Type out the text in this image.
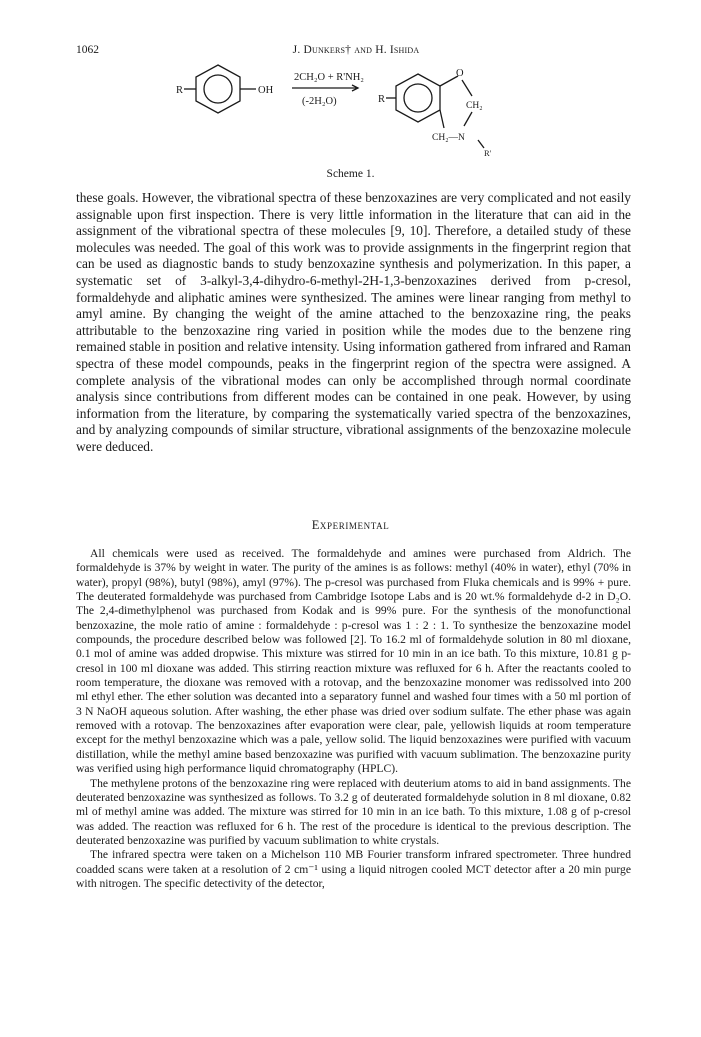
1062	J. Dunkers† and H. Ishida
R	OH
2CH₂O + R'NH₂
(-2H₂O)	R
O
CH₂
CH₂—N
R'
Scheme 1.

these goals. However, the vibrational spectra of these benzoxazines are very complicated and not easily assignable upon first inspection. There is very little information in the literature that can aid in the assignment of the vibrational spectra of these molecules [9, 10]. Therefore, a detailed study of these molecules was needed. The goal of this work was to provide assignments in the fingerprint region that can be used as diagnostic bands to study benzoxazine synthesis and polymerization. In this paper, a systematic set of 3-alkyl-3,4-dihydro-6-methyl-2H-1,3-benzoxazines derived from p-cresol, formaldehyde and aliphatic amines were synthesized. The amines were linear ranging from methyl to amyl amine. By changing the weight of the amine attached to the benzoxazine ring, the peaks attributable to the benzoxazine ring varied in position while the modes due to the benzene ring remained stable in position and relative intensity. Using information gathered from infrared and Raman spectra of these model compounds, peaks in the fingerprint region of the spectra were assigned. A complete analysis of the vibrational modes can only be accomplished through normal coordinate analysis since contributions from different modes can be contained in one peak. However, by using information from the literature, by comparing the systematically varied spectra of the benzoxazines, and by analyzing compounds of similar structure, vibrational assignments of the benzoxazine molecule were deduced.

Experimental

All chemicals were used as received. The formaldehyde and amines were purchased from Aldrich. The formaldehyde is 37% by weight in water. The purity of the amines is as follows: methyl (40% in water), ethyl (70% in water), propyl (98%), butyl (98%), amyl (97%). The p-cresol was purchased from Fluka chemicals and is 99% + pure. The deuterated formaldehyde was purchased from Cambridge Isotope Labs and is 20 wt.% formaldehyde d-2 in D₂O. The 2,4-dimethylphenol was purchased from Kodak and is 99% pure. For the synthesis of the monofunctional benzoxazine, the mole ratio of amine : formaldehyde : p-cresol was 1 : 2 : 1. To synthesize the benzoxazine model compounds, the procedure described below was followed [2]. To 16.2 ml of formaldehyde solution in 80 ml dioxane, 0.1 mol of amine was added dropwise. This mixture was stirred for 10 min in an ice bath. To this mixture, 10.81 g p-cresol in 100 ml dioxane was added. This stirring reaction mixture was refluxed for 6 h. After the reactants cooled to room temperature, the dioxane was removed with a rotovap, and the benzoxazine monomer was redissolved into 200 ml ethyl ether. The ether solution was decanted into a separatory funnel and washed four times with a 50 ml portion of 3 N NaOH aqueous solution. After washing, the ether phase was dried over sodium sulfate. The ether phase was again removed with a rotovap. The benzoxazines after evaporation were clear, pale, yellowish liquids at room temperature except for the methyl benzoxazine which was a pale, yellow solid. The liquid benzoxazines were purified with vacuum distillation, while the methyl amine based benzoxazine was purified with vacuum sublimation. The benzoxazine purity was verified using high performance liquid chromatography (HPLC).

The methylene protons of the benzoxazine ring were replaced with deuterium atoms to aid in band assignments. The deuterated benzoxazine was synthesized as follows. To 3.2 g of deuterated formaldehyde solution in 8 ml dioxane, 0.82 ml of methyl amine was added. The mixture was stirred for 10 min in an ice bath. To this mixture, 1.08 g of p-cresol was added. The reaction was refluxed for 6 h. The rest of the procedure is identical to the previous description. The deuterated benzoxazine was purified by vacuum sublimation to white crystals.

The infrared spectra were taken on a Michelson 110 MB Fourier transform infrared spectrometer. Three hundred coadded scans were taken at a resolution of 2 cm⁻¹ using a liquid nitrogen cooled MCT detector after a 20 min purge with nitrogen. The specific detectivity of the detector,
